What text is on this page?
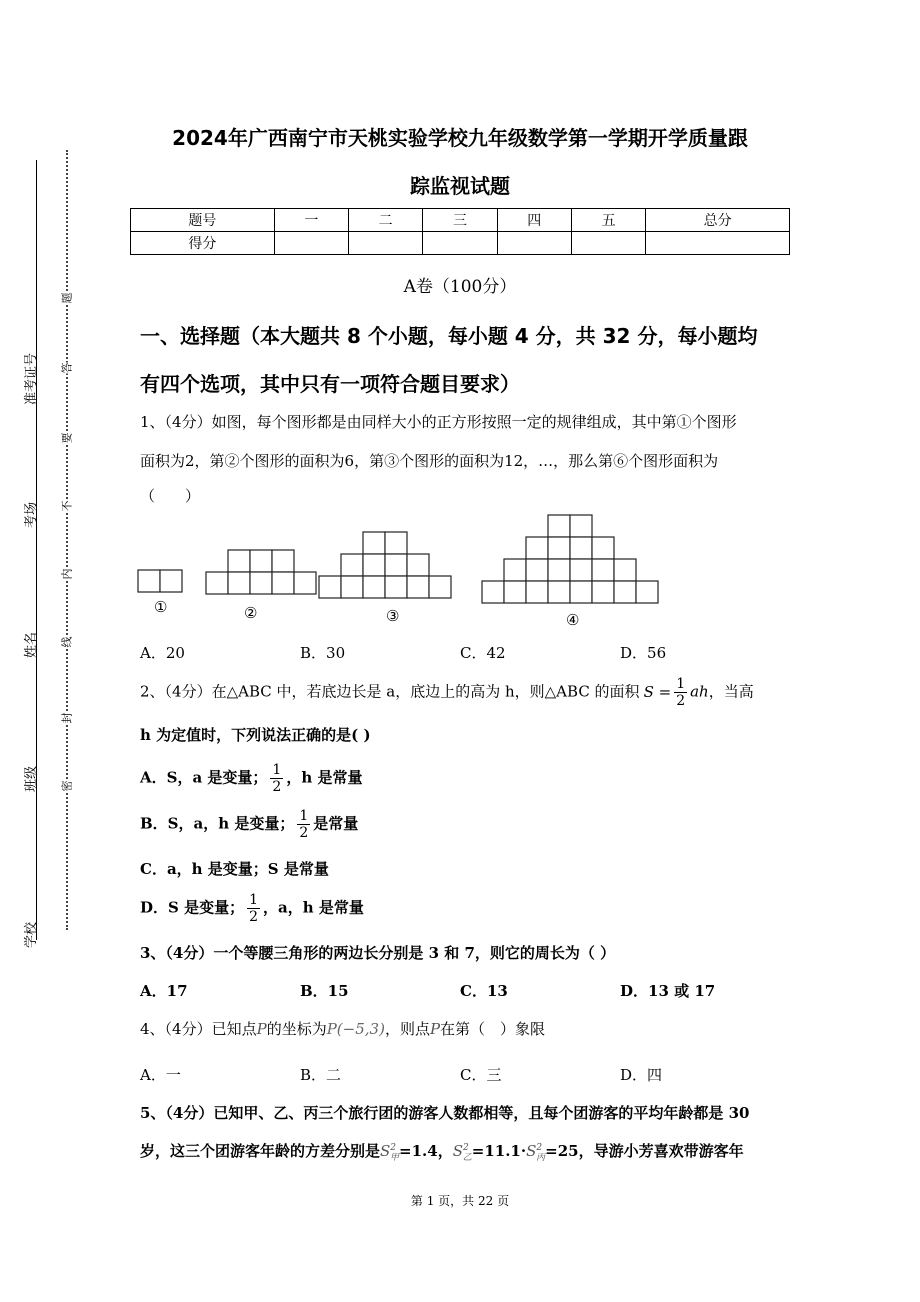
学校
班级
姓名
考场
准考证号
密
封
线
内
不
要
答
题
2024年广西南宁市天桃实验学校九年级数学第一学期开学质量跟
踪监视试题
题号	一	二	三	四	五	总分
得分						
A卷（100分）
一、选择题（本大题共 8 个小题，每小题 4 分，共 32 分，每小题均
有四个选项，其中只有一项符合题目要求）
1、（4分）如图，每个图形都是由同样大小的正方形按照一定的规律组成，其中第①个图形
面积为2，第②个图形的面积为6，第③个图形的面积为12，…，那么第⑥个图形面积为
（　　）
①	②	③	④
A．20	B．30	C．42	D．56
2、（4分）在△ABC 中，若底边长是 a，底边上的高为 h，则△ABC 的面积 $S = \frac{1}{2}$ ah，当高
h 为定值时，下列说法正确的是( )
A．S，a 是变量； $\frac{1}{2}$ ，h 是常量
B．S，a，h 是变量； $\frac{1}{2}$ 是常量
C．a，h 是变量；S 是常量
D．S 是变量； $\frac{1}{2}$ ，a，h 是常量
3、（4分）一个等腰三角形的两边长分别是 3 和 7，则它的周长为（ ）
A．17	B．15	C．13	D．13 或 17
4、（4分）已知点P的坐标为P(−5,3)，则点P在第（　）象限
A．一	B．二	C．三	D．四
5、（4分）已知甲、乙、丙三个旅行团的游客人数都相等，且每个团游客的平均年龄都是 30
岁，这三个团游客年龄的方差分别是$S^2_甲=1.4$，$S^2_乙=11.1\cdot S^2_丙=25$，导游小芳喜欢带游客年
第 1 页，共 22 页
